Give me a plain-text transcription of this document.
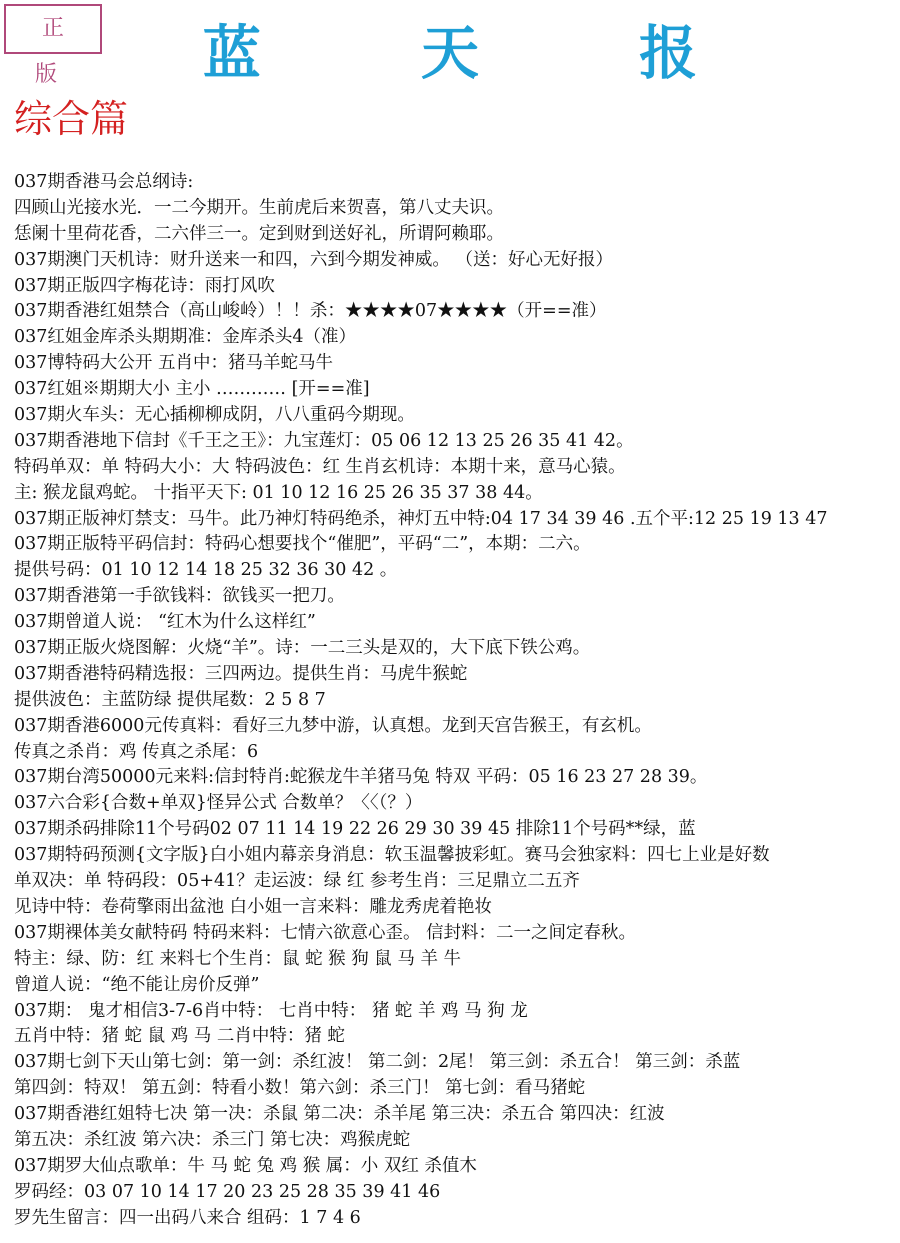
正 版	蓝 天 报
综合篇
037期香港马会总纲诗:
四顾山光接水光．一二今期开。生前虎后来贺喜，第八丈夫识。
恁阑十里荷花香，二六伴三一。定到财到送好礼，所谓阿赖耶。
037期澳门天机诗：财升送来一和四，六到今期发神威。 （送：好心无好报）
037期正版四字梅花诗：雨打风吹
037期香港红姐禁合（高山峻岭）！！杀：★★★★07★★★★（开==准）
037红姐金库杀头期期准：金库杀头4（准）
037博特码大公开 五肖中：猪马羊蛇马牛
037红姐※期期大小 主小 ………… [开==准]
037期火车头：无心插柳柳成阴，八八重码今期现。
037期香港地下信封《千王之王》：九宝莲灯：05 06 12 13 25 26 35 41 42。
特码单双：单 特码大小：大 特码波色：红 生肖玄机诗：本期十来，意马心猿。
主: 猴龙鼠鸡蛇。 十指平天下: 01 10 12 16 25 26 35 37 38 44。
037期正版神灯禁支：马牛。此乃神灯特码绝杀，神灯五中特:04 17 34 39 46 .五个平:12 25 19 13 47
037期正版特平码信封：特码心想要找个“催肥”，平码“二”，本期：二六。
提供号码：01 10 12 14 18 25 32 36 30 42 。
037期香港第一手欲钱料：欲钱买一把刀。
037期曾道人说： “红木为什么这样红”
037期正版火烧图解：火烧“羊”。诗：一二三头是双的，大下底下铁公鸡。
037期香港特码精选报：三四两边。提供生肖：马虎牛猴蛇
提供波色：主蓝防绿 提供尾数：2 5 8 7
037期香港6000元传真料：看好三九梦中游，认真想。龙到天宫告猴王，有玄机。
传真之杀肖：鸡 传真之杀尾：6
037期台湾50000元来料:信封特肖:蛇猴龙牛羊猪马兔 特双 平码：05 16 23 27 28 39。
037六合彩{合数+单双}怪异公式 合数单？〈〈（？）
037期杀码排除11个号码02 07 11 14 19 22 26 29 30 39 45 排除11个号码**绿，蓝
037期特码预测{文字版}白小姐内幕亲身消息：软玉温馨披彩虹。赛马会独家料：四七上业是好数
单双决：单 特码段：05+41？走运波：绿 红 参考生肖：三足鼎立二五齐
见诗中特：卷荷擎雨出盆池 白小姐一言来料：雕龙秀虎着艳妆
037期裸体美女献特码 特码来料：七情六欲意心歪。 信封料：二一之间定春秋。
特主：绿、防：红 来料七个生肖：鼠 蛇 猴 狗 鼠 马 羊 牛
曾道人说：“绝不能让房价反弹”
037期： 鬼才相信3-7-6肖中特： 七肖中特： 猪 蛇 羊 鸡 马 狗 龙
五肖中特：猪 蛇 鼠 鸡 马 二肖中特：猪 蛇
037期七剑下天山第七剑：第一剑：杀红波！ 第二剑：2尾！ 第三剑：杀五合！ 第三剑：杀蓝
第四剑：特双！ 第五剑：特看小数！第六剑：杀三门！ 第七剑：看马猪蛇
037期香港红姐特七决 第一决：杀鼠 第二决：杀羊尾 第三决：杀五合 第四决：红波
第五决：杀红波 第六决：杀三门 第七决：鸡猴虎蛇
037期罗大仙点歌单：牛 马 蛇 兔 鸡 猴 属：小 双红 杀值木
罗码经：03 07 10 14 17 20 23 25 28 35 39 41 46
罗先生留言：四一出码八来合 组码：1 7 4 6
